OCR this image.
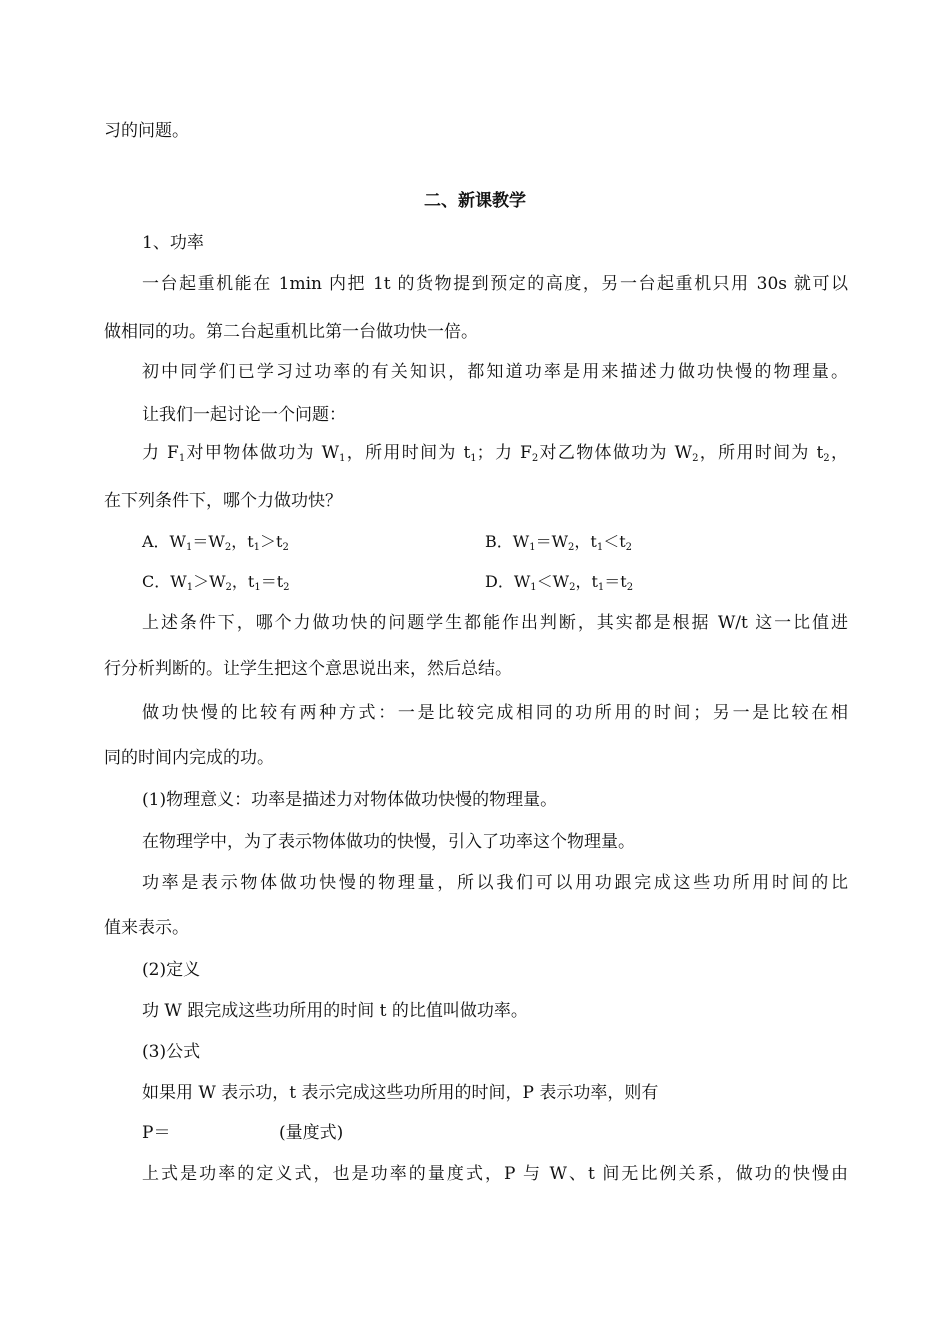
习的问题。
二、新课教学
1、功率
一台起重机能在 1min 内把 1t 的货物提到预定的高度，另一台起重机只用 30s 就可以
做相同的功。第二台起重机比第一台做功快一倍。
初中同学们已学习过功率的有关知识，都知道功率是用来描述力做功快慢的物理量。
让我们一起讨论一个问题：
力 $F_1$对甲物体做功为 $W_1$，所用时间为 $t_1$；力 $F_2$对乙物体做功为 $W_2$，所用时间为 $t_2$，
在下列条件下，哪个力做功快？
A．$W_1=W_2$，$t_1>t_2$	B．$W_1=W_2$，$t_1<t_2$
C．$W_1>W_2$，$t_1=t_2$	D．$W_1<W_2$，$t_1=t_2$
上述条件下，哪个力做功快的问题学生都能作出判断，其实都是根据 W/t 这一比值进
行分析判断的。让学生把这个意思说出来，然后总结。
做功快慢的比较有两种方式：一是比较完成相同的功所用的时间；另一是比较在相
同的时间内完成的功。
(1)物理意义：功率是描述力对物体做功快慢的物理量。
在物理学中，为了表示物体做功的快慢，引入了功率这个物理量。
功率是表示物体做功快慢的物理量，所以我们可以用功跟完成这些功所用时间的比
值来表示。
(2)定义
功 W 跟完成这些功所用的时间 t 的比值叫做功率。
(3)公式
如果用 W 表示功，t 表示完成这些功所用的时间，P 表示功率，则有
P＝	(量度式)
上式是功率的定义式，也是功率的量度式，P 与 W、t 间无比例关系，做功的快慢由
